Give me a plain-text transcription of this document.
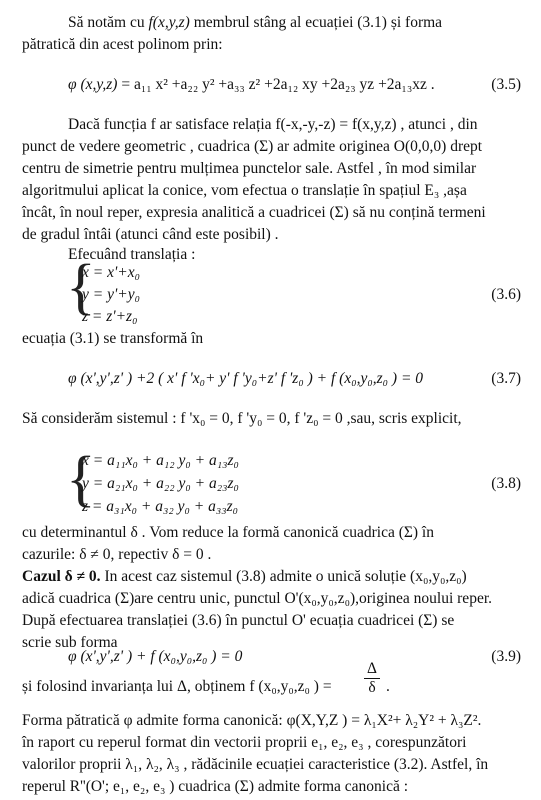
Să notăm cu f(x,y,z) membrul stâng al ecuației (3.1) și forma
pătratică din acest polinom prin:
φ (x,y,z) = a₁₁ x² +a₂₂ y² +a₃₃ z² +2a₁₂ xy +2a₂₃ yz +2a₁₃xz .	(3.5)
Dacă funcția f ar satisface relația f(-x,-y,-z) = f(x,y,z) , atunci , din
punct de vedere geometric , cuadrica (Σ) ar admite originea O(0,0,0) drept
centru de simetrie pentru mulțimea punctelor sale. Astfel , în mod similar
algoritmului aplicat la conice, vom efectua o translație în spațiul E₃ ,așa
încât, în noul reper, expresia analitică a cuadricei (Σ) să nu conțină termeni
de gradul întâi (atunci când este posibil) .
Efecuând translația :
{
x = x'+x₀
y = y'+y₀
z = z'+z₀
(3.6)
ecuația (3.1) se transformă în
φ (x',y',z' ) +2 ( x' f 'x₀+ y' f 'y₀+z' f 'z₀ ) + f (x₀,y₀,z₀ ) = 0	(3.7)
Să considerăm sistemul : f 'x₀ = 0, f 'y₀ = 0, f 'z₀ = 0 ,sau, scris explicit,
{
x = a₁₁x₀ + a₁₂ y₀ + a₁₃z₀
y = a₂₁x₀ + a₂₂ y₀ + a₂₃z₀
z = a₃₁x₀ + a₃₂ y₀ + a₃₃z₀
(3.8)
cu determinantul δ . Vom reduce la formă canonică cuadrica (Σ) în
cazurile: δ ≠ 0, repectiv δ = 0 .
Cazul δ ≠ 0. In acest caz sistemul (3.8) admite o unică soluție (x₀,y₀,z₀)
adică cuadrica (Σ)are centru unic, punctul O'(x₀,y₀,z₀),originea noului reper.
După efectuarea translației (3.6) în punctul O' ecuația cuadricei (Σ) se
scrie sub forma
φ (x',y',z' ) + f (x₀,y₀,z₀ ) = 0	(3.9)
și folosind invarianța lui Δ, obținem f (x₀,y₀,z₀ ) = $\frac{\Delta}{\delta}$ .
Forma pătratică φ admite forma canonică: φ(X,Y,Z ) = λ₁X²+ λ₂Y² + λ₃Z².
în raport cu reperul format din vectorii proprii e₁, e₂, e₃ , corespunzători
valorilor proprii λ₁, λ₂, λ₃ , rădăcinile ecuației caracteristice (3.2). Astfel, în
reperul R''(O'; e₁, e₂, e₃ ) cuadrica (Σ) admite forma canonică :
